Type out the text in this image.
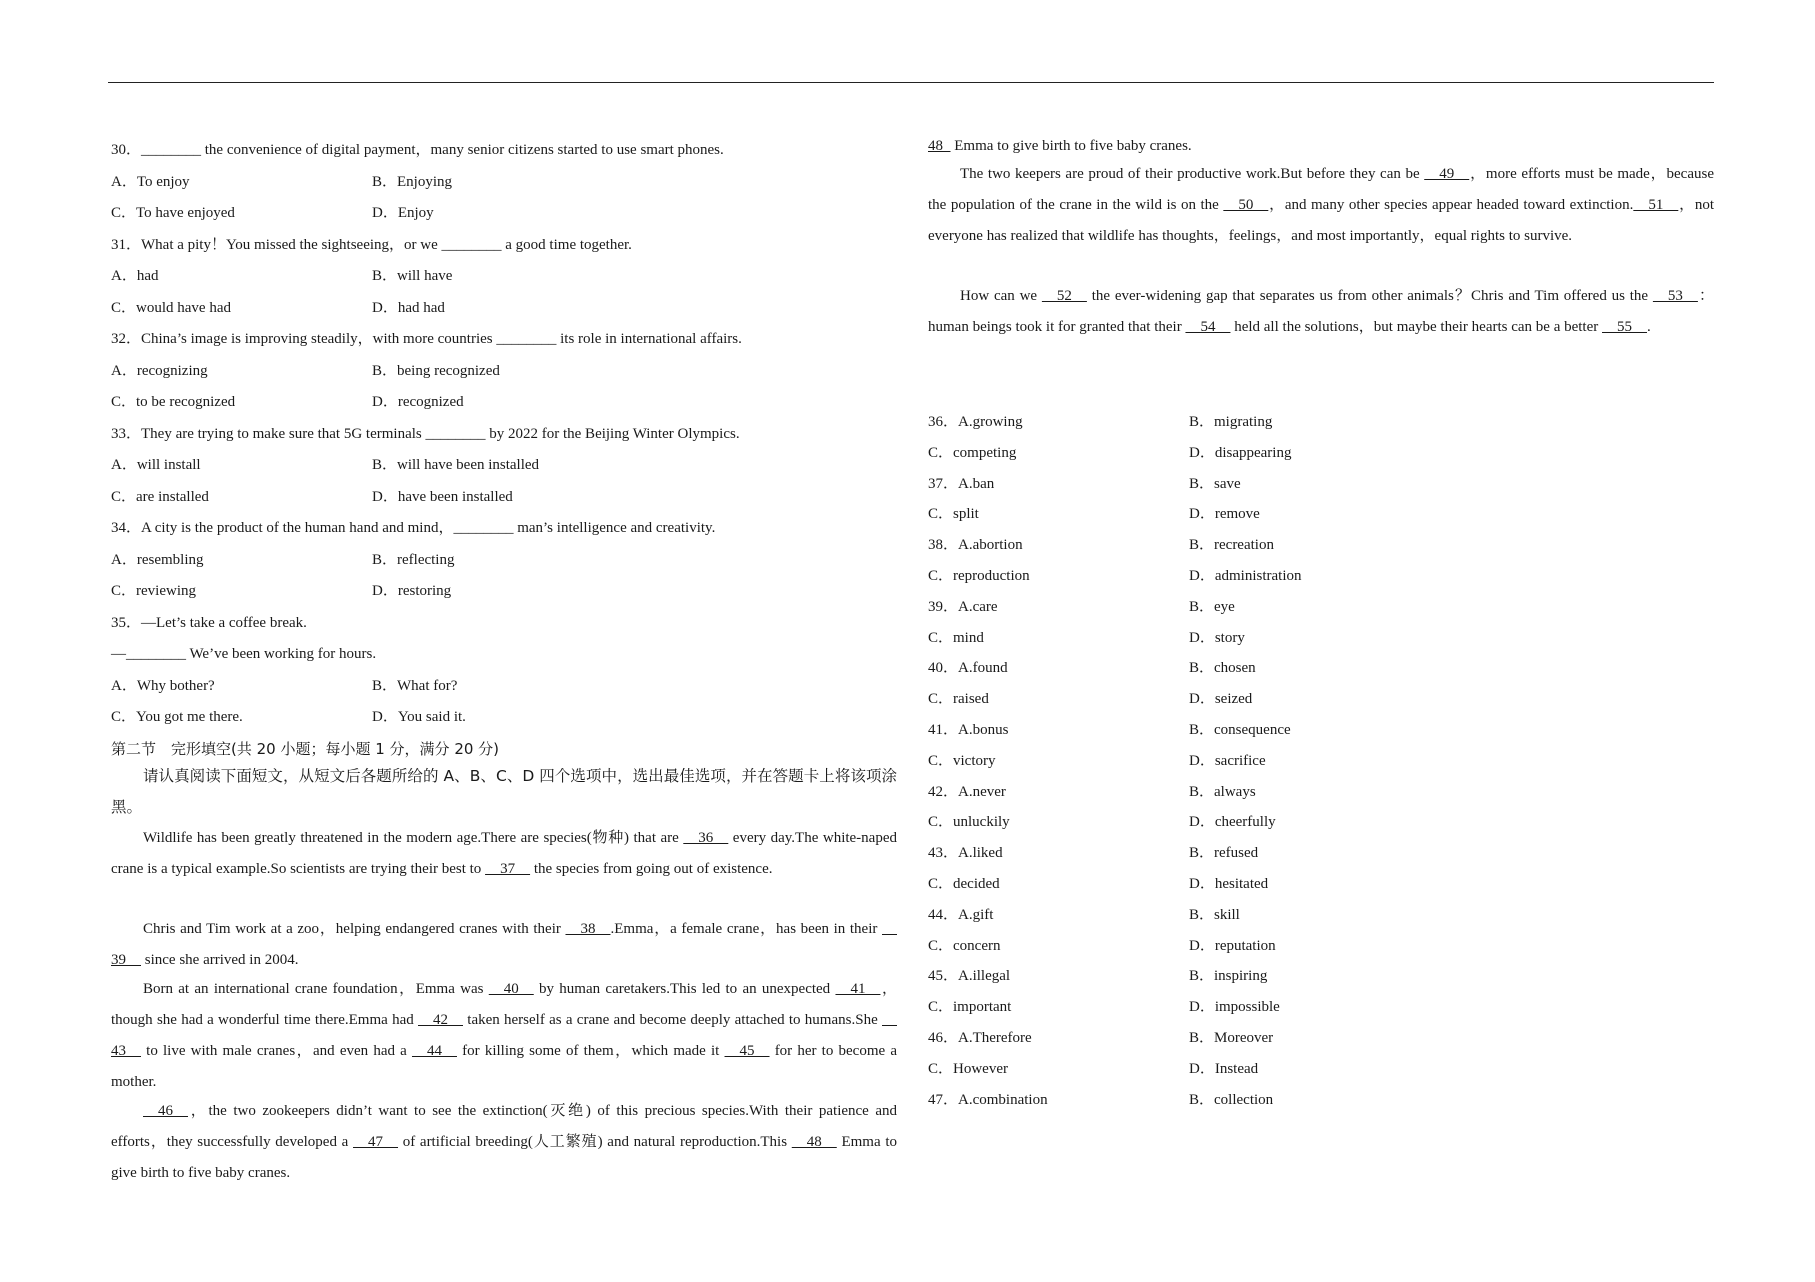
30．________ the convenience of digital payment，many senior citizens started to use smart phones.
A．To enjoy	B．Enjoying
C．To have enjoyed	D．Enjoy
31．What a pity！You missed the sightseeing，or we ________ a good time together.
A．had	B．will have
C．would have had	D．had had
32．China’s image is improving steadily，with more countries ________ its role in international affairs.
A．recognizing	B．being recognized
C．to be recognized	D．recognized
33．They are trying to make sure that 5G terminals ________ by 2022 for the Beijing Winter Olympics.
A．will install	B．will have been installed
C．are installed	D．have been installed
34．A city is the product of the human hand and mind，________ man’s intelligence and creativity.
A．resembling	B．reflecting
C．reviewing	D．restoring
35．—Let’s take a coffee break.
—________ We’ve been working for hours.
A．Why bother?	B．What for?
C．You got me there.	D．You said it.
第二节　完形填空(共 20 小题；每小题 1 分，满分 20 分)
请认真阅读下面短文，从短文后各题所给的 A、B、C、D 四个选项中，选出最佳选项，并在答题卡上将该项涂黑。
Wildlife has been greatly threatened in the modern age.There are species(物种) that are   36   every day.The white-naped crane is a typical example.So scientists are trying their best to   37   the species from going out of existence.
Chris and Tim work at a zoo，helping endangered cranes with their   38  .Emma，a female crane，has been in their   39   since she arrived in 2004.
Born at an international crane foundation，Emma was   40   by human caretakers.This led to an unexpected   41  ，though she had a wonderful time there.Emma had   42   taken herself as a crane and become deeply attached to humans.She   43   to live with male cranes，and even had a   44   for killing some of them，which made it   45   for her to become a mother.
  46  ，the two zookeepers didn’t want to see the extinction(灭绝) of this precious species.With their patience and efforts，they successfully developed a   47   of artificial breeding(人工繁殖) and natural reproduction.This   48   Emma to give birth to five baby cranes.
48  Emma to give birth to five baby cranes.
The two keepers are proud of their productive work.But before they can be   49  ，more efforts must be made，because the population of the crane in the wild is on the   50  ，and many other species appear headed toward extinction.  51  ，not everyone has realized that wildlife has thoughts，feelings，and most importantly，equal rights to survive.
How can we   52   the ever-widening gap that separates us from other animals？Chris and Tim offered us the   53  ：human beings took it for granted that their   54   held all the solutions，but maybe their hearts can be a better   55  .
36．A.growing	B．migrating
C．competing	D．disappearing
37．A.ban	B．save
C．split	D．remove
38．A.abortion	B．recreation
C．reproduction	D．administration
39．A.care	B．eye
C．mind	D．story
40．A.found	B．chosen
C．raised	D．seized
41．A.bonus	B．consequence
C．victory	D．sacrifice
42．A.never	B．always
C．unluckily	D．cheerfully
43．A.liked	B．refused
C．decided	D．hesitated
44．A.gift	B．skill
C．concern	D．reputation
45．A.illegal	B．inspiring
C．important	D．impossible
46．A.Therefore	B．Moreover
C．However	D．Instead
47．A.combination	B．collection
